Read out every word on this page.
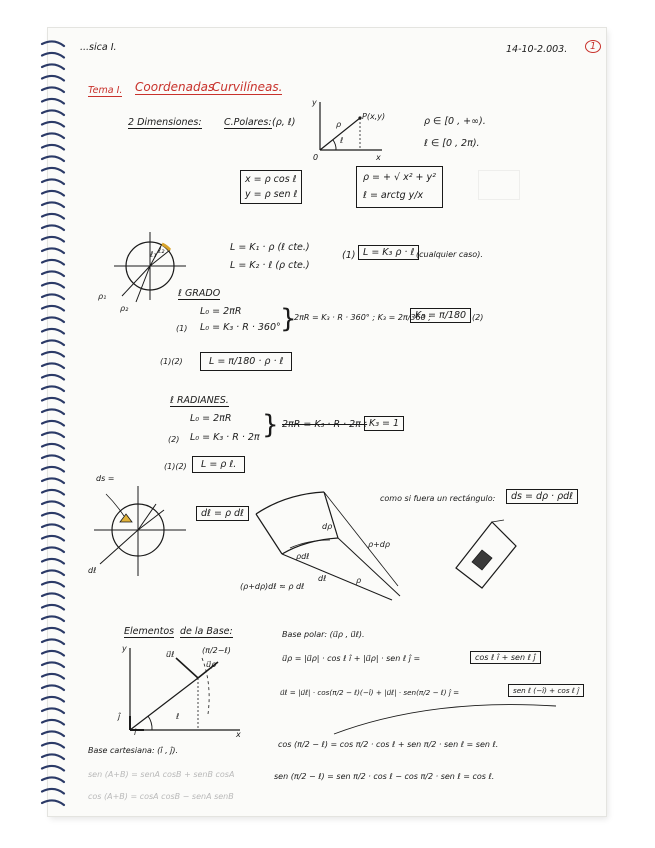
...sica I.	14-10-2.003.	1
Tema I. Coordenadas
Curvilíneas.
2 Dimensiones: C.Polares: (ρ, ℓ)
y
x
0
P(x,y)
ℓ
ρ	ρ ∈ [0 , +∞).
ℓ ∈ [0 , 2π).
x = ρ cos ℓ
y = ρ sen ℓ
ρ = + √ x² + y²
ℓ = arctg y/x
ℓ₁ ℓ₂
ρ₁
ρ₂
L = K₁ · ρ (ℓ cte.)
L = K₂ · ℓ (ρ cte.)
(1) L = K₃ ρ · ℓ (cualquier caso).
ℓ GRADO
L₀ = 2πR
(1) L₀ = K₃ · R · 360° }
2πR = K₃ · R · 360° ; K₃ = 2π/360 ;
K₃ = π/180 (2)
(1)(2)	L = π/180 · ρ · ℓ
ℓ RADIANES.
L₀ = 2πR
(2) L₀ = K₃ · R · 2π } 2πR = K₃ · R · 2π ; K₃ = 1
(1)(2)	L = ρ ℓ.
ds =
dℓ
dℓ = ρ dℓ
dρ
ρ+dρ
ρdℓ
ρ
dℓ
(ρ+dρ)dℓ ≈ ρ dℓ
como si fuera un rectángulo:	ds = dρ · ρdℓ
Elementos de la Base:
y
x
u⃗ℓ
u⃗ρ
ĵ
î
ℓ
(π/2−ℓ)
Base cartesiana: (î , ĵ).
sen (A+B) = senA cosB + senB cosA
cos (A+B) = cosA cosB − senA senB
Base polar: (u⃗ρ , u⃗ℓ).
u⃗ρ = |u⃗ρ| · cos ℓ î + |u⃗ρ| · sen ℓ ĵ =	cos ℓ î + sen ℓ ĵ
u⃗ℓ = |u⃗ℓ| · cos(π/2 − ℓ)(−î) + |u⃗ℓ| · sen(π/2 − ℓ) ĵ =	sen ℓ (−î) + cos ℓ ĵ
cos (π/2 − ℓ) = cos π/2 · cos ℓ + sen π/2 · sen ℓ = sen ℓ.
sen (π/2 − ℓ) = sen π/2 · cos ℓ − cos π/2 · sen ℓ = cos ℓ.
